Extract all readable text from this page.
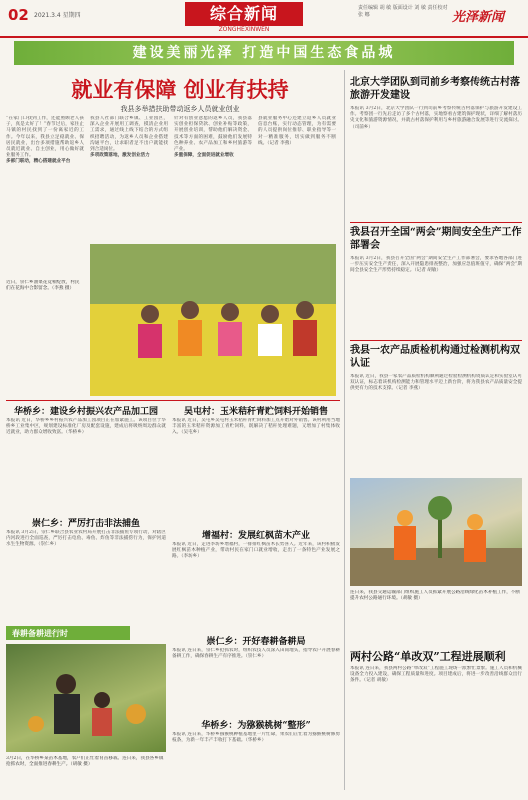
02 2021.3.4 星期四	综合新闻
ZONGHEXINWEN
责任编辑 胡 敏 版面设计 刘 敏 责任校对 张 娜	光泽新闻
建设美丽光泽 打造中国生态食品城
就业有保障 创业有扶持
我县多举措扶助带动返乡人员就业创业
“在家门口找到工作，还能照顾老人孩子，真是太好了！”春节过后，家住止马镇的村民找到了一份离家近的工作。今年以来，我县立足稳就业、保居民就业，出台多项措施帮助返乡人员就近就业、自主创业，用心做好就业服务工作。
多部门联动，精心搭建就业平台
我县人社部门联合乡镇、工业园区，深入企业开展用工调查，摸清企业用工需求，通过线上线下结合的方式组织招聘活动，为返乡人员和企业搭建沟通平台，让求职者足不出户就能找到合适岗位。
多项政策落地，激发创业活力
针对有创业意愿的返乡人员，我县落实创业担保贷款、创业补贴等政策，开展创业培训，帮助他们解决资金、技术等方面的困难，鼓励他们发展特色种养业、农产品加工和乡村旅游等产业。
多重保障，全面促进就业增收
县就业服务中心还建立返乡人员就业信息台账，实行动态管理，为有需要的人员提供岗位推荐、职业指导等一对一精准服务，切实做到服务不断线。（记者 李燕）
近日，崇仁乡油菜花竞相绽放，村民们在花海中合影留念。（李燕 摄）
北京大学团队到司前乡考察传统古村落旅游开发建设
本报讯 3月2日，北京大学团队一行到司前乡考察传统古村落保护与旅游开发建设工作。考察团一行先后走访了多个古村落，实地察看古建筑保护现状，详细了解村落历史文化和旅游资源情况，并就古村落保护利用与乡村旅游融合发展等进行交流探讨。（司前乡）
我县召开全国“两会”期间安全生产工作部署会
本报讯 3月2日，我县召开全国“两会”期间安全生产工作部署会，要求各地各部门进一步压实安全生产责任，深入开展隐患排查整治，加强应急值班值守，确保“两会”期间全县安全生产形势持续稳定。（记者 胡敏）
我县一农产品质检机构通过检测机构双认证
本报讯 近日，我县一家农产品质检机构顺利通过检验检测机构资质认定和实验室认可双认证，标志着该机构检测能力和管理水平迈上新台阶，将为我县农产品质量安全提供更有力的技术支撑。（记者 李燕）
连日来，我县交通运输部门组织施工人员抓紧开展公路沿线绿化苗木补植工作，不断提升农村公路通行环境。（胡敏 摄）
两村公路“单改双”工程进展顺利
本报讯 连日来，我县两村公路“单改双”工程施工现场一派繁忙景象。施工人员和机械设备全力投入建设，确保工程质量和进度。项目建成后，将进一步改善沿线群众出行条件。（记者 胡敏）
华桥乡：建设乡村振兴农产品加工园
本报讯 近日，华桥乡乡村振兴农产品加工园项目正在加紧施工。该项目位于华桥乡工业集中区，规划建设标准化厂房及配套设施，建成后将吸纳周边群众就近就业，助力群众增收致富。（华桥乡）
吴屯村：玉米秸秆青贮饲料开始销售
本报讯 近日，吴屯乡吴屯村玉米秸秆青贮饲料加工点开始对外销售。该村利用当地丰富的玉米秸秆资源加工青贮饲料，既解决了秸秆处理难题，又增加了村集体收入。（吴屯乡）
崇仁乡：严厉打击非法捕鱼
本报讯 3月2日，崇仁乡联合县农业农村局开展打击非法捕鱼专项行动，对辖区内河段进行全面巡查，严厉打击电鱼、毒鱼、炸鱼等非法捕捞行为，保护河道水生生物资源。（崇仁乡）
增福村：发展红枫苗木产业
本报讯 近日，走进李坊乡增福村，一排排红枫苗木长势喜人。近年来，该村积极发展红枫苗木种植产业，带动村民在家门口就业增收，走出了一条特色产业发展之路。（李坊乡）
春耕备耕进行时
3月2日，在华桥乡某苗木基地，农户们正忙着育苗移栽。连日来，我县各乡镇抢抓农时，全面推进春耕生产。（胡敏 摄）
崇仁乡：开好春耕备耕局
本报讯 连日来，崇仁乡抢抓农时，组织农技人员深入田间地头，指导农户开展春耕备耕工作，确保春耕生产有序推进。（崇仁乡）
华桥乡：为猕猴桃树“整形”
本报讯 连日来，华桥乡猕猴桃种植基地里一片忙碌，果农们正忙着为猕猴桃树修剪枝条，为新一年丰产丰收打下基础。（华桥乡）
